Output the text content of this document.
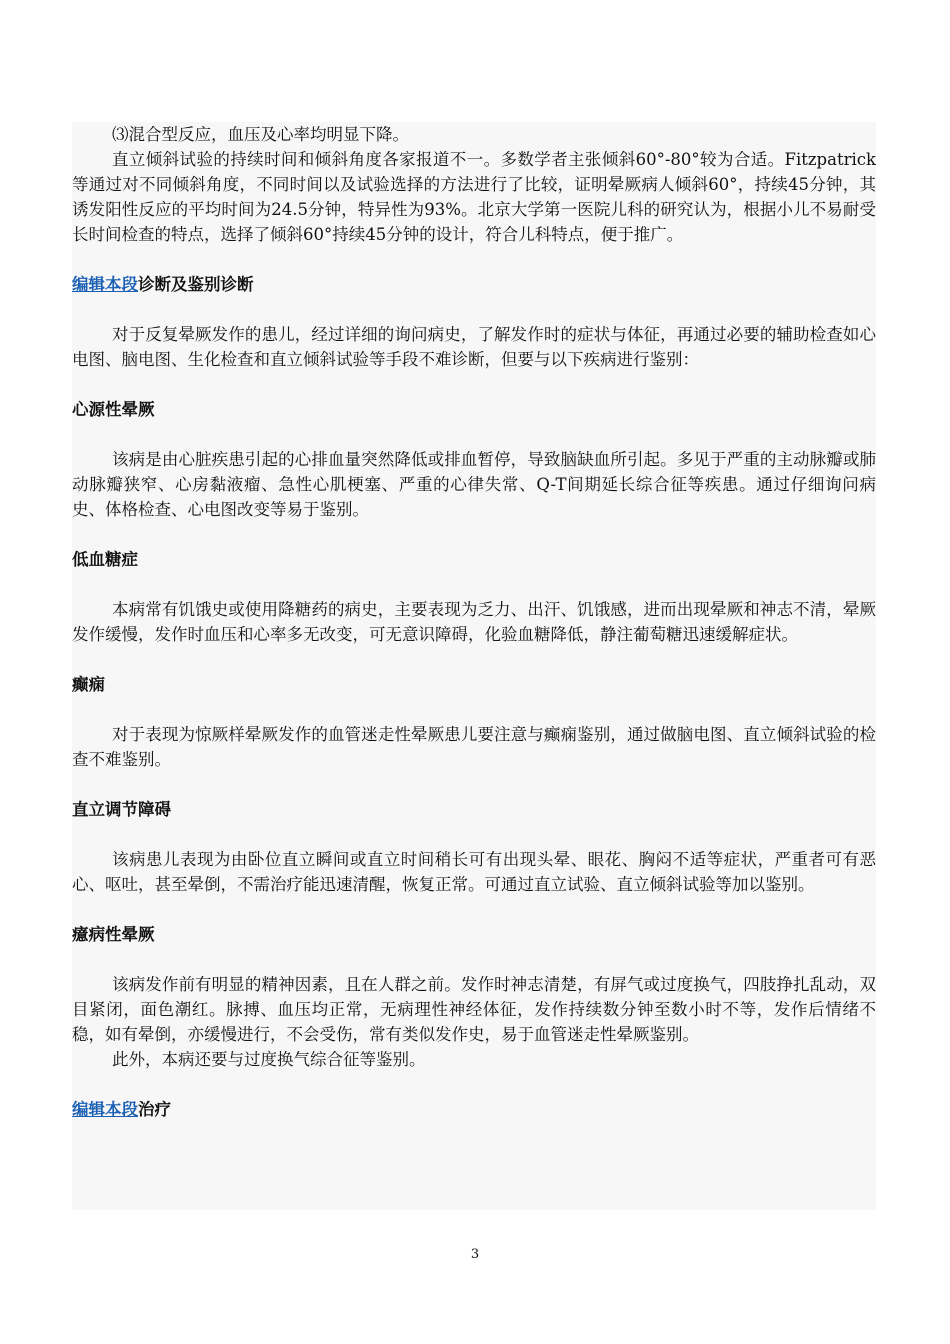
⑶混合型反应，血压及心率均明显下降。

直立倾斜试验的持续时间和倾斜角度各家报道不一。多数学者主张倾斜60°-80°较为合适。Fitzpatrick等通过对不同倾斜角度，不同时间以及试验选择的方法进行了比较，证明晕厥病人倾斜60°，持续45分钟，其诱发阳性反应的平均时间为24.5分钟，特异性为93%。北京大学第一医院儿科的研究认为，根据小儿不易耐受长时间检查的特点，选择了倾斜60°持续45分钟的设计，符合儿科特点，便于推广。

编辑本段诊断及鉴别诊断

对于反复晕厥发作的患儿，经过详细的询问病史，了解发作时的症状与体征，再通过必要的辅助检查如心电图、脑电图、生化检查和直立倾斜试验等手段不难诊断，但要与以下疾病进行鉴别：

心源性晕厥

该病是由心脏疾患引起的心排血量突然降低或排血暂停，导致脑缺血所引起。多见于严重的主动脉瓣或肺动脉瓣狭窄、心房黏液瘤、急性心肌梗塞、严重的心律失常、Q-T间期延长综合征等疾患。通过仔细询问病史、体格检查、心电图改变等易于鉴别。

低血糖症

本病常有饥饿史或使用降糖药的病史，主要表现为乏力、出汗、饥饿感，进而出现晕厥和神志不清，晕厥发作缓慢，发作时血压和心率多无改变，可无意识障碍，化验血糖降低，静注葡萄糖迅速缓解症状。

癫痫

对于表现为惊厥样晕厥发作的血管迷走性晕厥患儿要注意与癫痫鉴别，通过做脑电图、直立倾斜试验的检查不难鉴别。

直立调节障碍

该病患儿表现为由卧位直立瞬间或直立时间稍长可有出现头晕、眼花、胸闷不适等症状，严重者可有恶心、呕吐，甚至晕倒，不需治疗能迅速清醒，恢复正常。可通过直立试验、直立倾斜试验等加以鉴别。

癔病性晕厥

该病发作前有明显的精神因素，且在人群之前。发作时神志清楚，有屏气或过度换气，四肢挣扎乱动，双目紧闭，面色潮红。脉搏、血压均正常，无病理性神经体征，发作持续数分钟至数小时不等，发作后情绪不稳，如有晕倒，亦缓慢进行，不会受伤，常有类似发作史，易于血管迷走性晕厥鉴别。

此外，本病还要与过度换气综合征等鉴别。

编辑本段治疗

3
